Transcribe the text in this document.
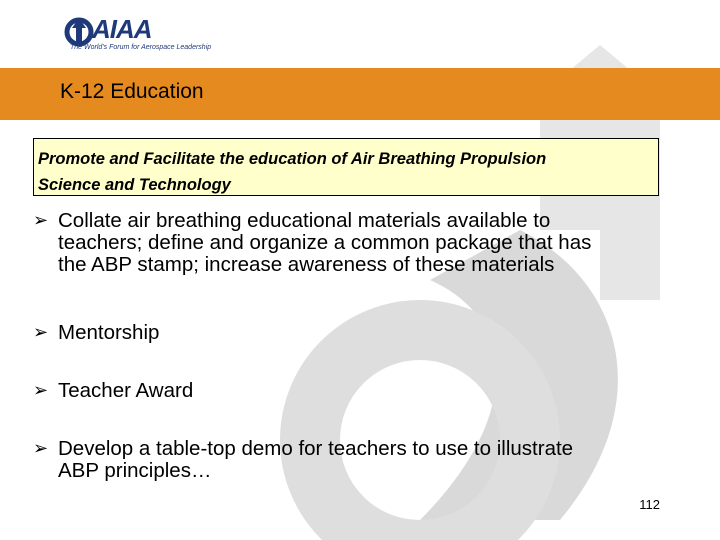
AIAA
The World's Forum for Aerospace Leadership
K-12 Education
Promote and Facilitate the education of Air Breathing Propulsion
Science and Technology
➢ Collate air breathing educational materials available to
teachers; define and organize a common package that has
the ABP stamp; increase awareness of these materials
➢ Mentorship
➢ Teacher Award
➢ Develop a table-top demo for teachers to use to illustrate
ABP principles…
112
